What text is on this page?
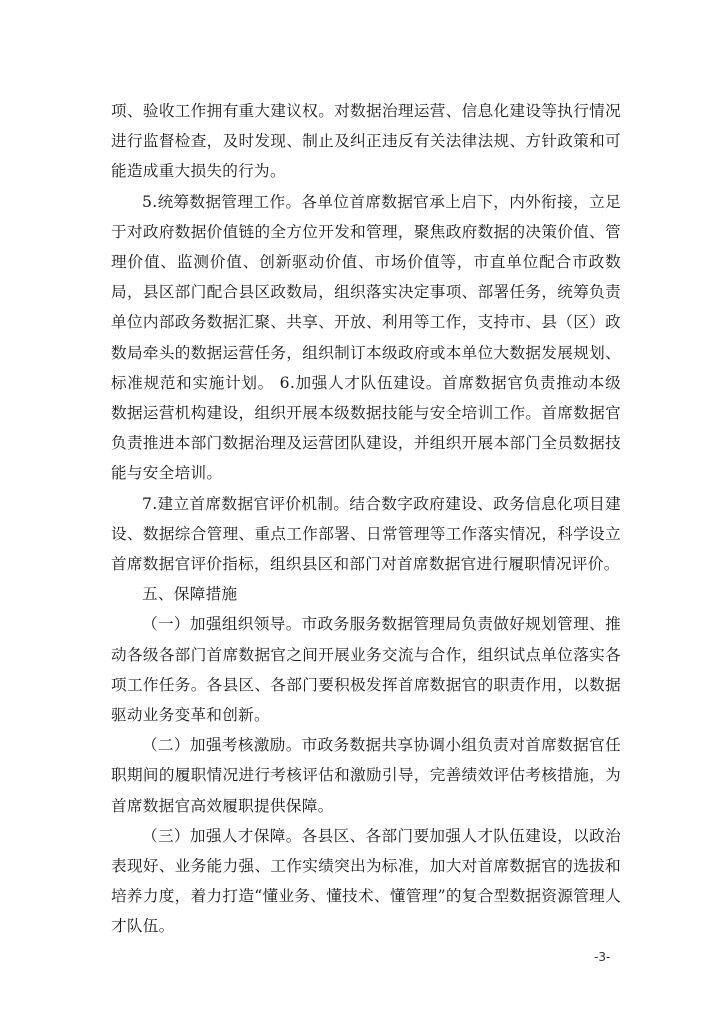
项、验收工作拥有重大建议权。对数据治理运营、信息化建设等执行情况进行监督检查，及时发现、制止及纠正违反有关法律法规、方针政策和可能造成重大损失的行为。

5.统筹数据管理工作。各单位首席数据官承上启下，内外衔接，立足于对政府数据价值链的全方位开发和管理，聚焦政府数据的决策价值、管理价值、监测价值、创新驱动价值、市场价值等，市直单位配合市政数局，县区部门配合县区政数局，组织落实决定事项、部署任务，统筹负责单位内部政务数据汇聚、共享、开放、利用等工作，支持市、县（区）政数局牵头的数据运营任务，组织制订本级政府或本单位大数据发展规划、标准规范和实施计划。 6.加强人才队伍建设。首席数据官负责推动本级数据运营机构建设，组织开展本级数据技能与安全培训工作。首席数据官负责推进本部门数据治理及运营团队建设，并组织开展本部门全员数据技能与安全培训。

7.建立首席数据官评价机制。结合数字政府建设、政务信息化项目建设、数据综合管理、重点工作部署、日常管理等工作落实情况，科学设立首席数据官评价指标，组织县区和部门对首席数据官进行履职情况评价。

五、保障措施

（一）加强组织领导。市政务服务数据管理局负责做好规划管理、推动各级各部门首席数据官之间开展业务交流与合作，组织试点单位落实各项工作任务。各县区、各部门要积极发挥首席数据官的职责作用，以数据驱动业务变革和创新。

（二）加强考核激励。市政务数据共享协调小组负责对首席数据官任职期间的履职情况进行考核评估和激励引导，完善绩效评估考核措施，为首席数据官高效履职提供保障。

（三）加强人才保障。各县区、各部门要加强人才队伍建设，以政治表现好、业务能力强、工作实绩突出为标准，加大对首席数据官的选拔和培养力度，着力打造“懂业务、懂技术、懂管理”的复合型数据资源管理人才队伍。

-3-
